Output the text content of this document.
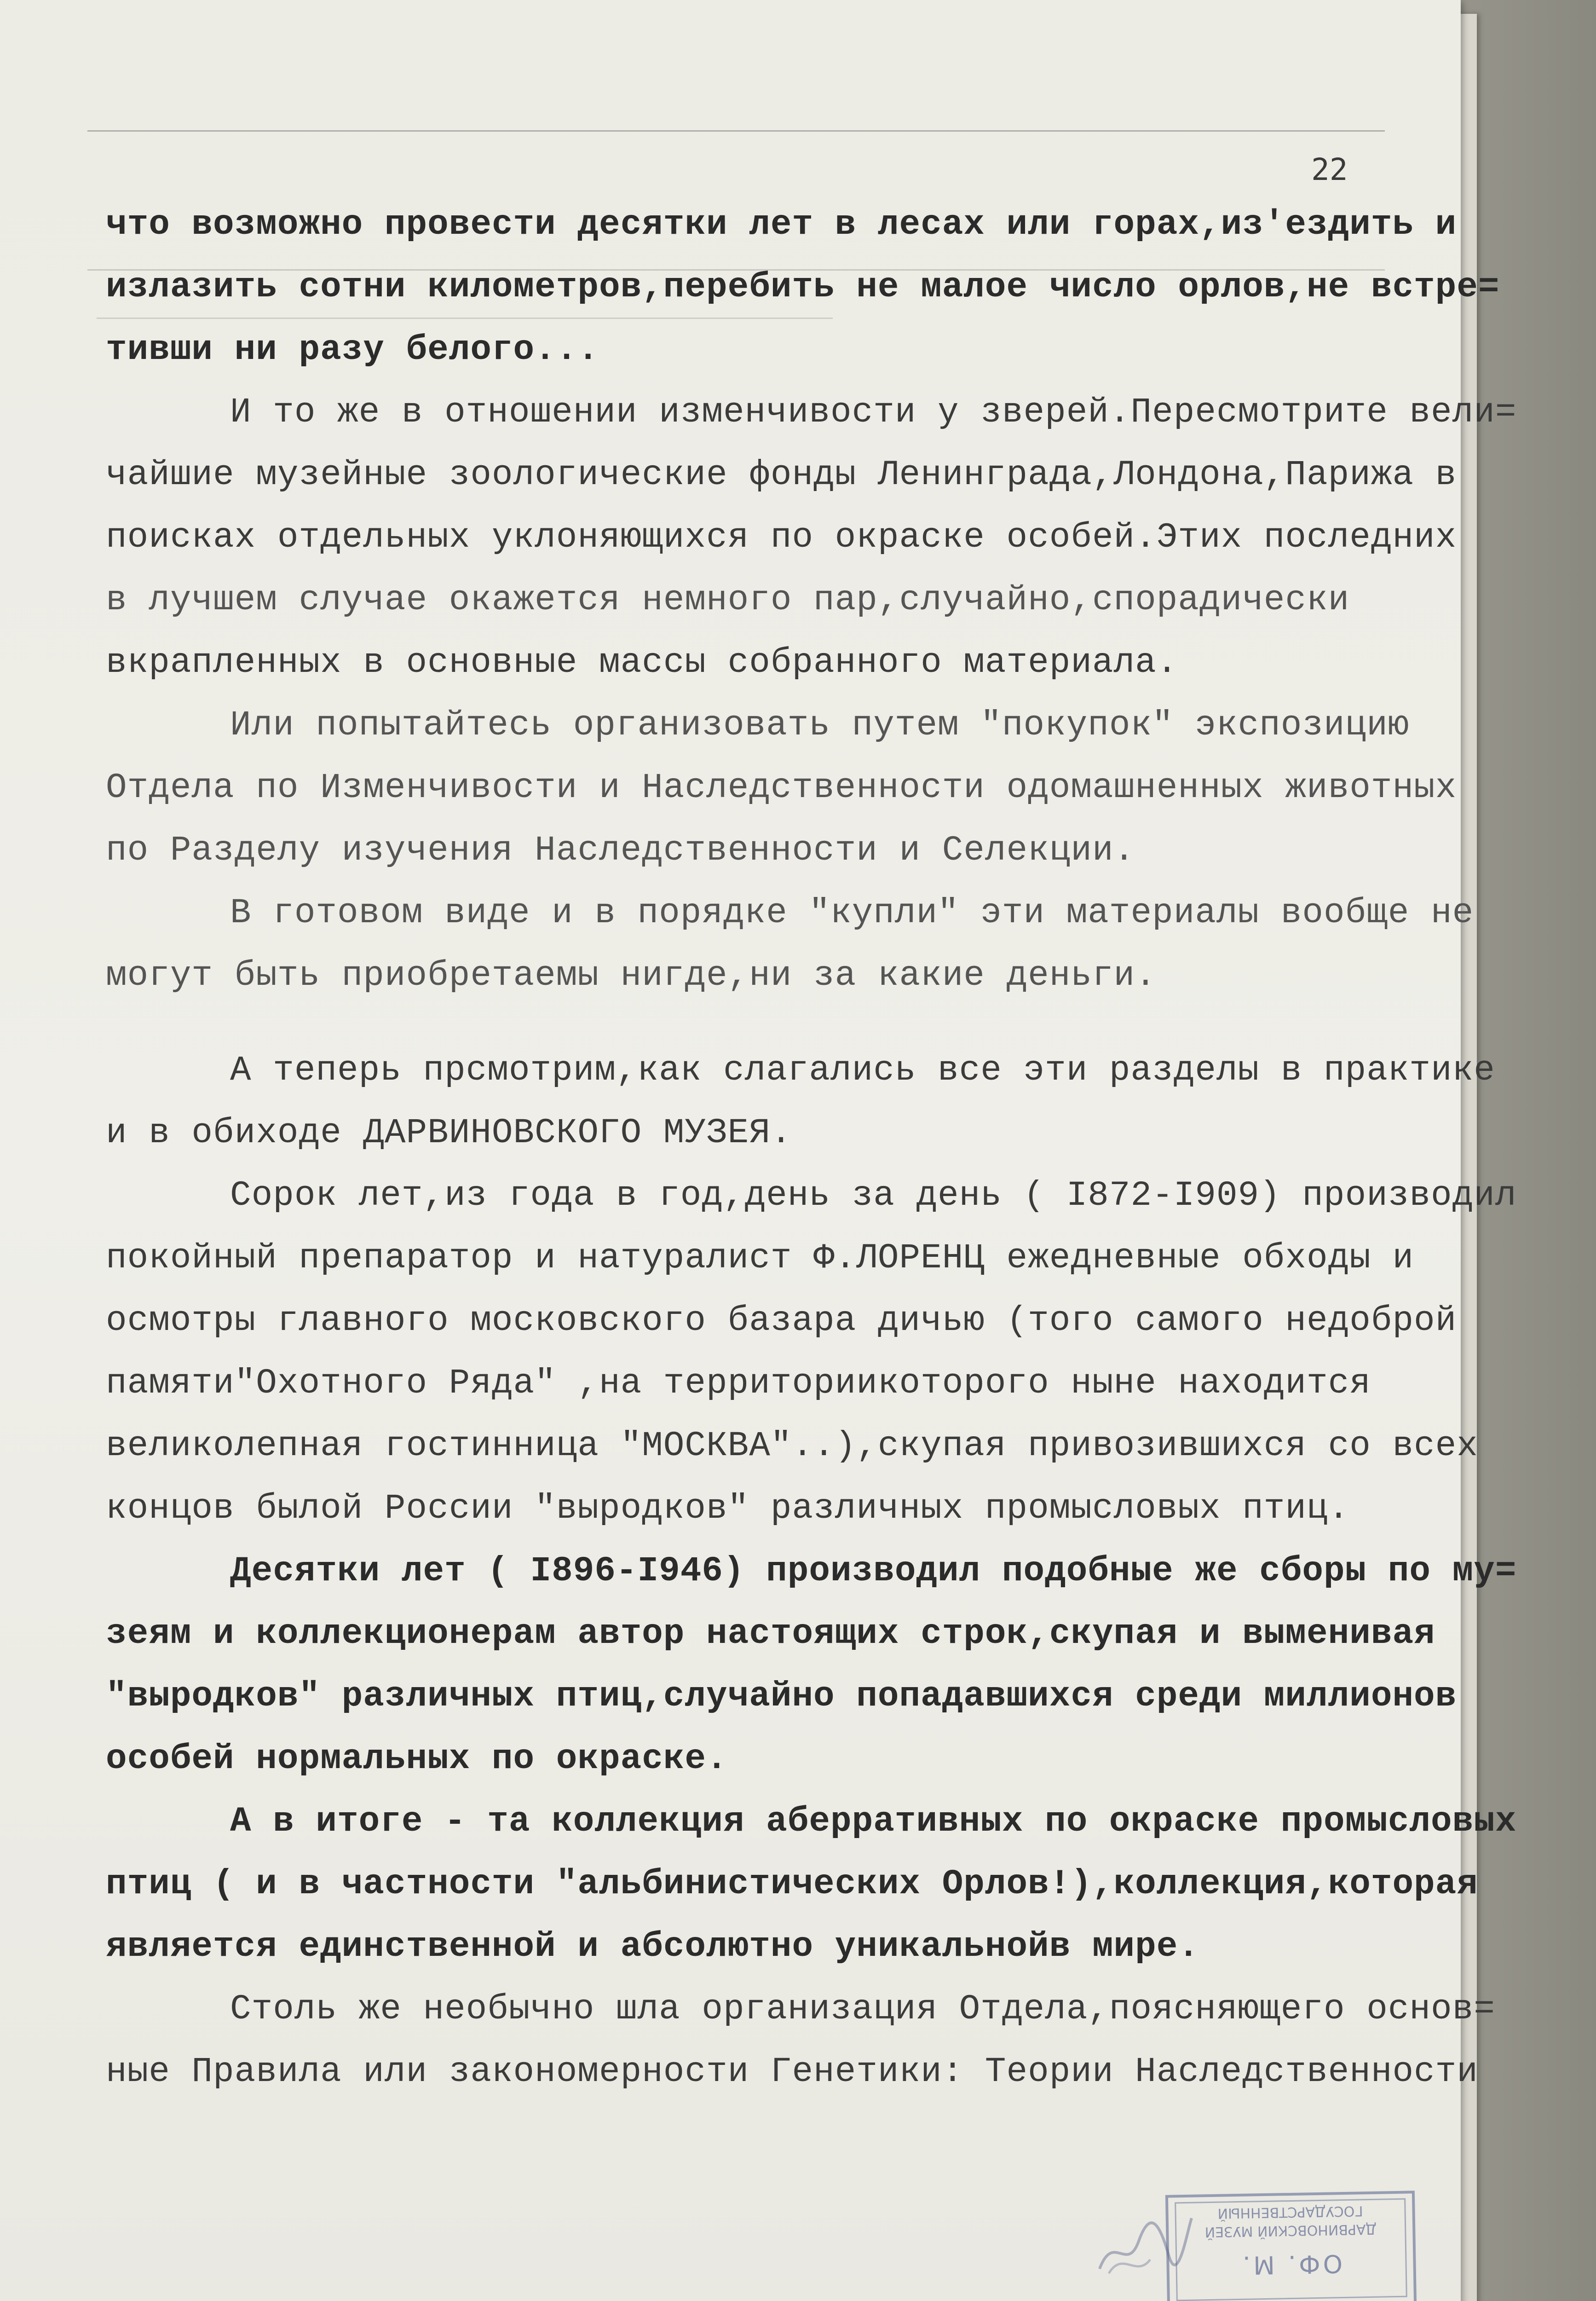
22
что возможно провести десятки лет в лесах или горах,из'ездить и
излазить сотни километров,перебить не малое число орлов,не встре=
тивши ни разу белого...
И то же в отношении изменчивости у зверей.Пересмотрите вели=
чайшие музейные зоологические фонды Ленинграда,Лондона,Парижа в
поисках отдельных уклоняющихся по окраске особей.Этих последних
в лучшем случае окажется немного пар,случайно,спорадически
вкрапленных в основные массы собранного материала.
Или попытайтесь организовать путем "покупок" экспозицию
Отдела по Изменчивости и Наследственности одомашненных животных
по Разделу изучения Наследственности и Селекции.
В готовом виде и в порядке "купли" эти материалы вообще не
могут быть приобретаемы нигде,ни за какие деньги.
А теперь прсмотрим,как слагались все эти разделы в практике
и в обиходе ДАРВИНОВСКОГО МУЗЕЯ.
Сорок лет,из года в год,день за день ( I872-I909) производил
покойный препаратор и натуралист Ф.ЛОРЕНЦ ежедневные обходы и
осмотры главного московского базара дичью (того самого недоброй
памяти"Охотного Ряда" ,на территориикоторого ныне находится
великолепная гостинница "МОСКВА"..),скупая привозившихся со всех
концов былой России "выродков" различных промысловых птиц.
Десятки лет ( I896-I946) производил подобные же сборы по му=
зеям и коллекционерам автор настоящих строк,скупая и выменивая
"выродков" различных птиц,случайно попадавшихся среди миллионов
особей нормальных по окраске.
А в итоге - та коллекция аберративных по окраске промысловых
птиц ( и в частности "альбинистических Орлов!),коллекция,которая
является единственной и абсолютно уникальнойв мире.
Столь же необычно шла организация Отдела,поясняющего основ=
ные Правила или закономерности Генетики: Теории Наследственности
ГОСУДАРСТВЕННЫЙ
ДАРВИНОВСКИЙ МУЗЕЙ
ОФ. М.
